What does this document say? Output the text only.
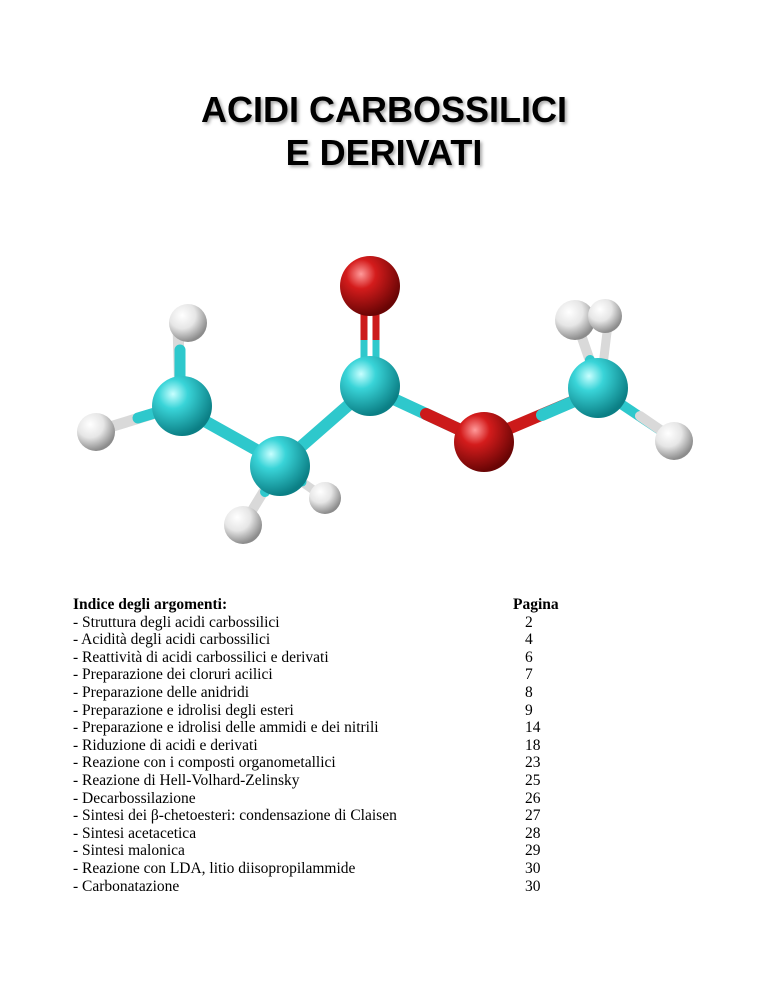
ACIDI CARBOSSILICI
E DERIVATI
Indice degli argomenti:	Pagina
- Struttura degli acidi carbossilici	2
- Acidità degli acidi carbossilici	4
- Reattività di acidi carbossilici e derivati	6
- Preparazione dei cloruri acilici	7
- Preparazione delle anidridi	8
- Preparazione e idrolisi degli esteri	9
- Preparazione e idrolisi delle ammidi e dei nitrili	14
- Riduzione di acidi e derivati	18
- Reazione con i composti organometallici	23
- Reazione di Hell-Volhard-Zelinsky	25
- Decarbossilazione	26
- Sintesi dei β-chetoesteri: condensazione di Claisen	27
- Sintesi acetacetica	28
- Sintesi malonica	29
- Reazione con LDA, litio diisopropilammide	30
- Carbonatazione	30
